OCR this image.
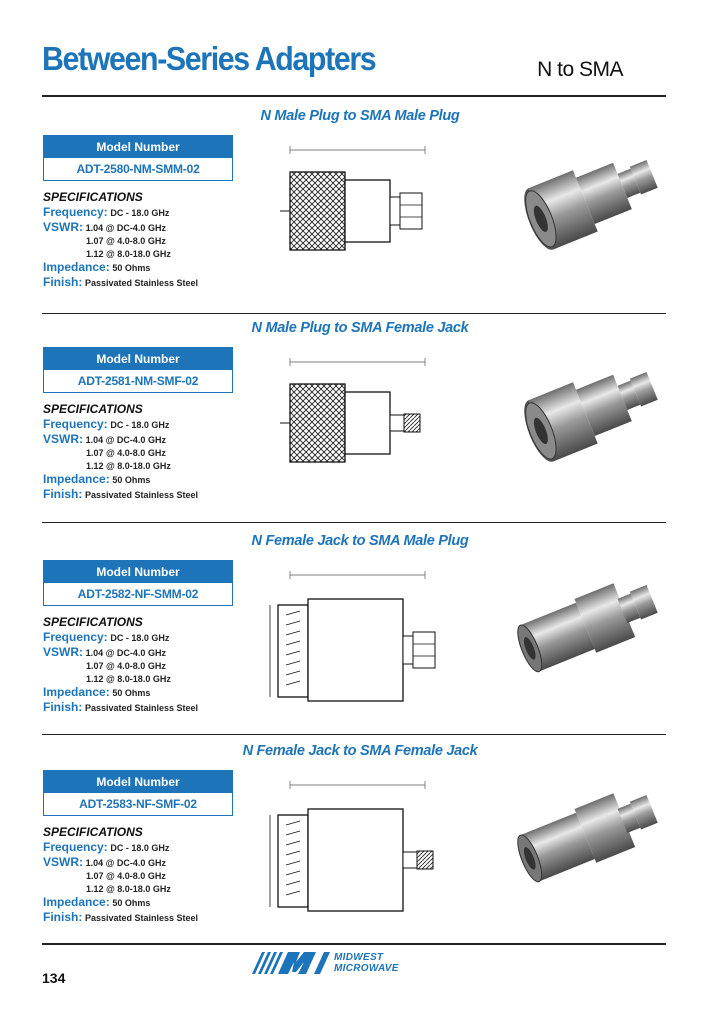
Between-Series Adapters	N to SMA
N Male Plug to SMA Male Plug
Model Number
ADT-2580-NM-SMM-02
SPECIFICATIONS
Frequency: DC - 18.0 GHz
VSWR: 1.04 @ DC-4.0 GHz
1.07 @ 4.0-8.0 GHz
1.12 @ 8.0-18.0 GHz
Impedance: 50 Ohms
Finish: Passivated Stainless Steel
N Male Plug to SMA Female Jack
Model Number
ADT-2581-NM-SMF-02
SPECIFICATIONS
Frequency: DC - 18.0 GHz
VSWR: 1.04 @ DC-4.0 GHz
1.07 @ 4.0-8.0 GHz
1.12 @ 8.0-18.0 GHz
Impedance: 50 Ohms
Finish: Passivated Stainless Steel
N Female Jack to SMA Male Plug
Model Number
ADT-2582-NF-SMM-02
SPECIFICATIONS
Frequency: DC - 18.0 GHz
VSWR: 1.04 @ DC-4.0 GHz
1.07 @ 4.0-8.0 GHz
1.12 @ 8.0-18.0 GHz
Impedance: 50 Ohms
Finish: Passivated Stainless Steel
N Female Jack to SMA Female Jack
Model Number
ADT-2583-NF-SMF-02
SPECIFICATIONS
Frequency: DC - 18.0 GHz
VSWR: 1.04 @ DC-4.0 GHz
1.07 @ 4.0-8.0 GHz
1.12 @ 8.0-18.0 GHz
Impedance: 50 Ohms
Finish: Passivated Stainless Steel
134
MIDWEST
MICROWAVE
